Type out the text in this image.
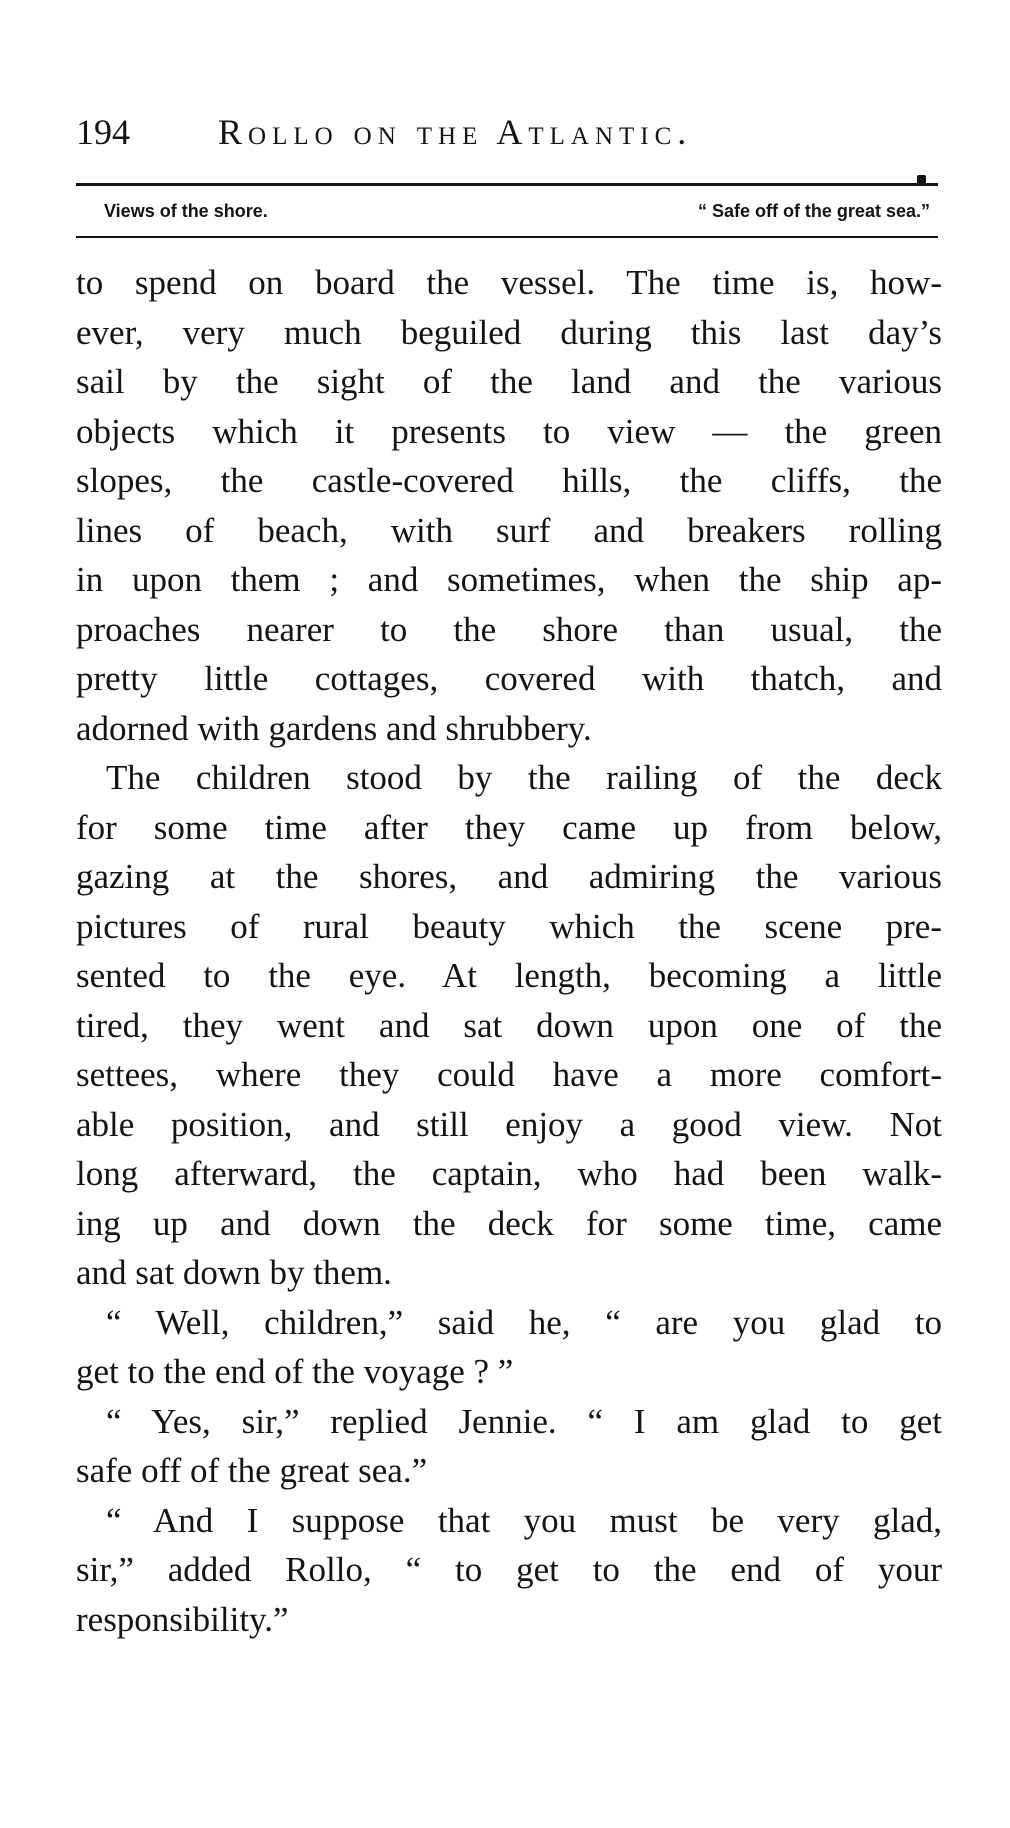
194 Rollo on the Atlantic.
Views of the shore.	“ Safe off of the great sea.”
to spend on board the vessel. The time is, how-
ever, very much beguiled during this last day’s
sail by the sight of the land and the various
objects which it presents to view — the green
slopes, the castle-covered hills, the cliffs, the
lines of beach, with surf and breakers rolling
in upon them ; and sometimes, when the ship ap-
proaches nearer to the shore than usual, the
pretty little cottages, covered with thatch, and
adorned with gardens and shrubbery.
The children stood by the railing of the deck
for some time after they came up from below,
gazing at the shores, and admiring the various
pictures of rural beauty which the scene pre-
sented to the eye. At length, becoming a little
tired, they went and sat down upon one of the
settees, where they could have a more comfort-
able position, and still enjoy a good view. Not
long afterward, the captain, who had been walk-
ing up and down the deck for some time, came
and sat down by them.
“ Well, children,” said he, “ are you glad to
get to the end of the voyage ? ”
“ Yes, sir,” replied Jennie. “ I am glad to get
safe off of the great sea.”
“ And I suppose that you must be very glad,
sir,” added Rollo, “ to get to the end of your
responsibility.”
